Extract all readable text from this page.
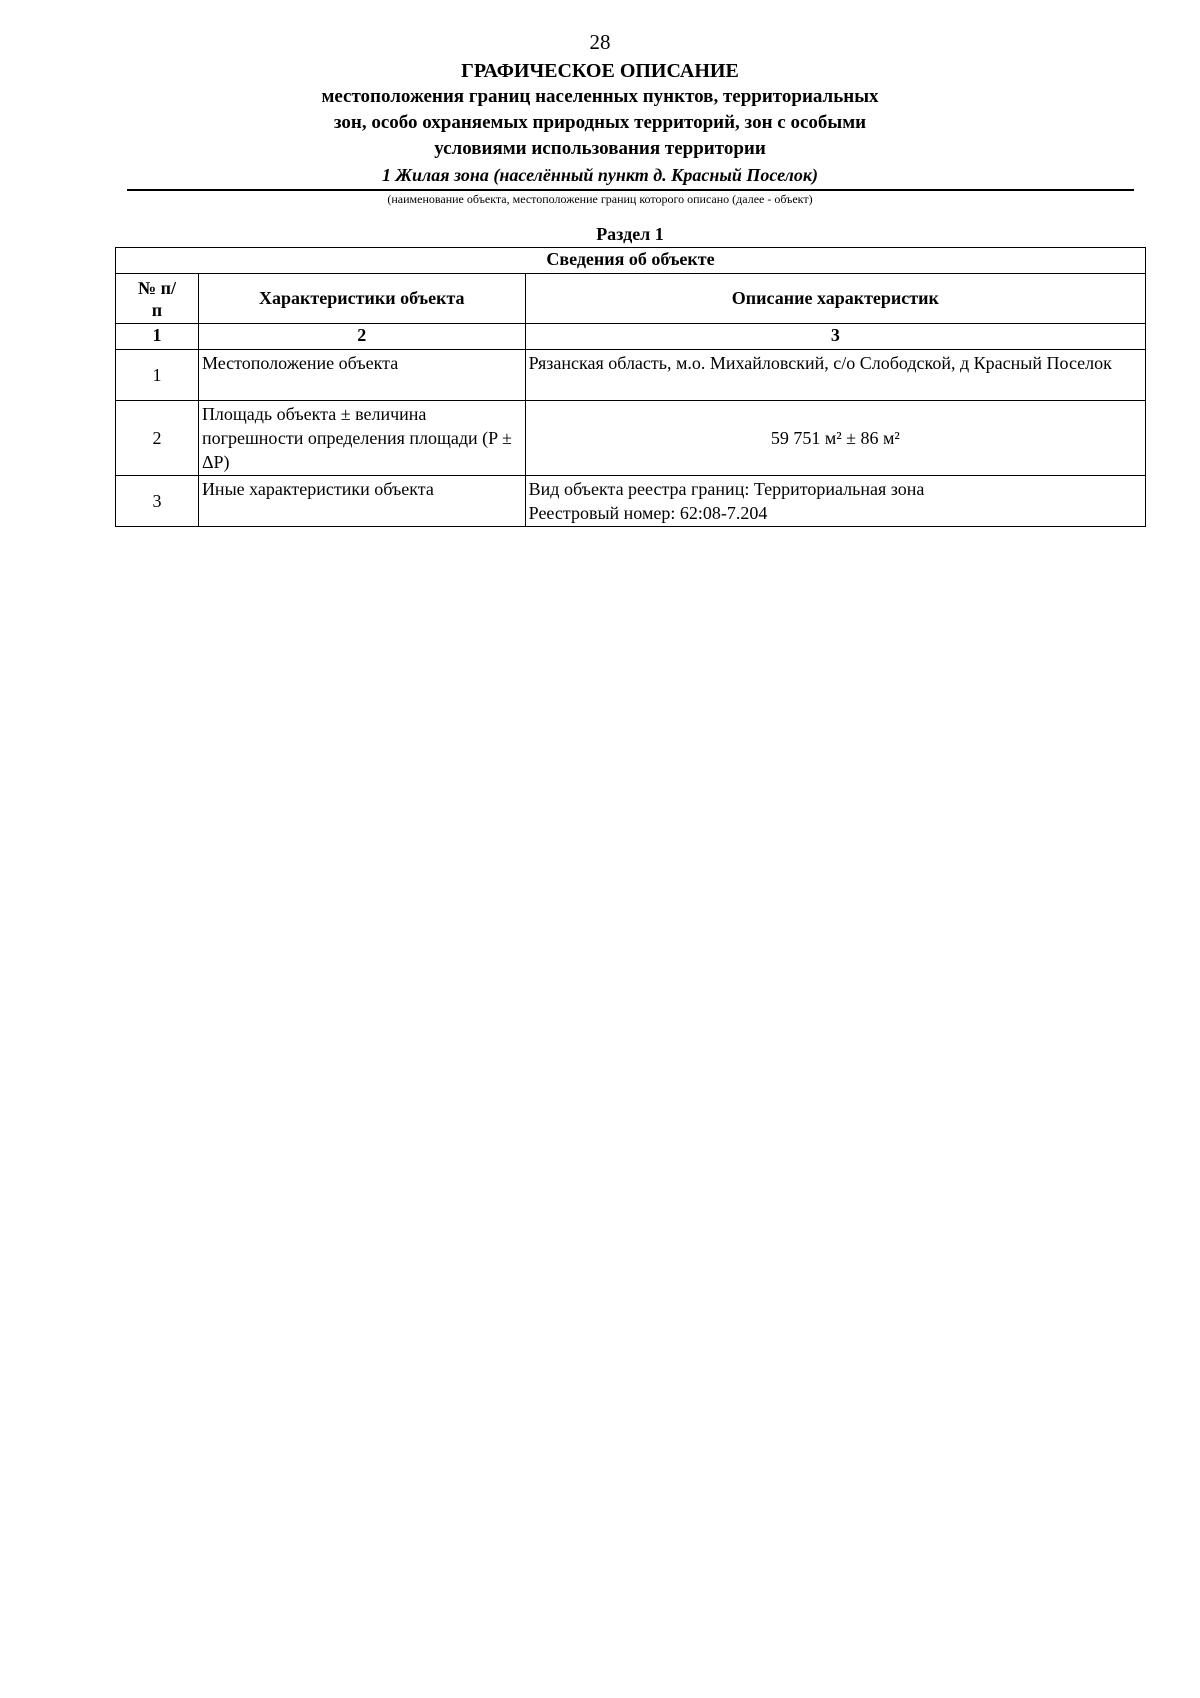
28
ГРАФИЧЕСКОЕ ОПИСАНИЕ
местоположения границ населенных пунктов, территориальных
зон, особо охраняемых природных территорий, зон с особыми
условиями использования территории
1 Жилая зона (населённый пункт д. Красный Поселок)
(наименование объекта, местоположение границ которого описано (далее - объект)
Раздел 1
Сведения об объекте		
№ п/п	Характеристики объекта	Описание характеристик
1	2	3
1	Местоположение объекта	Рязанская область, м.о. Михайловский, с/о Слободской, д Красный Поселок
2	Площадь объекта ± величина погрешности определения площади (P ± ΔP)	59 751 м² ± 86 м²
3	Иные характеристики объекта	Вид объекта реестра границ: Территориальная зона
Реестровый номер: 62:08-7.204
